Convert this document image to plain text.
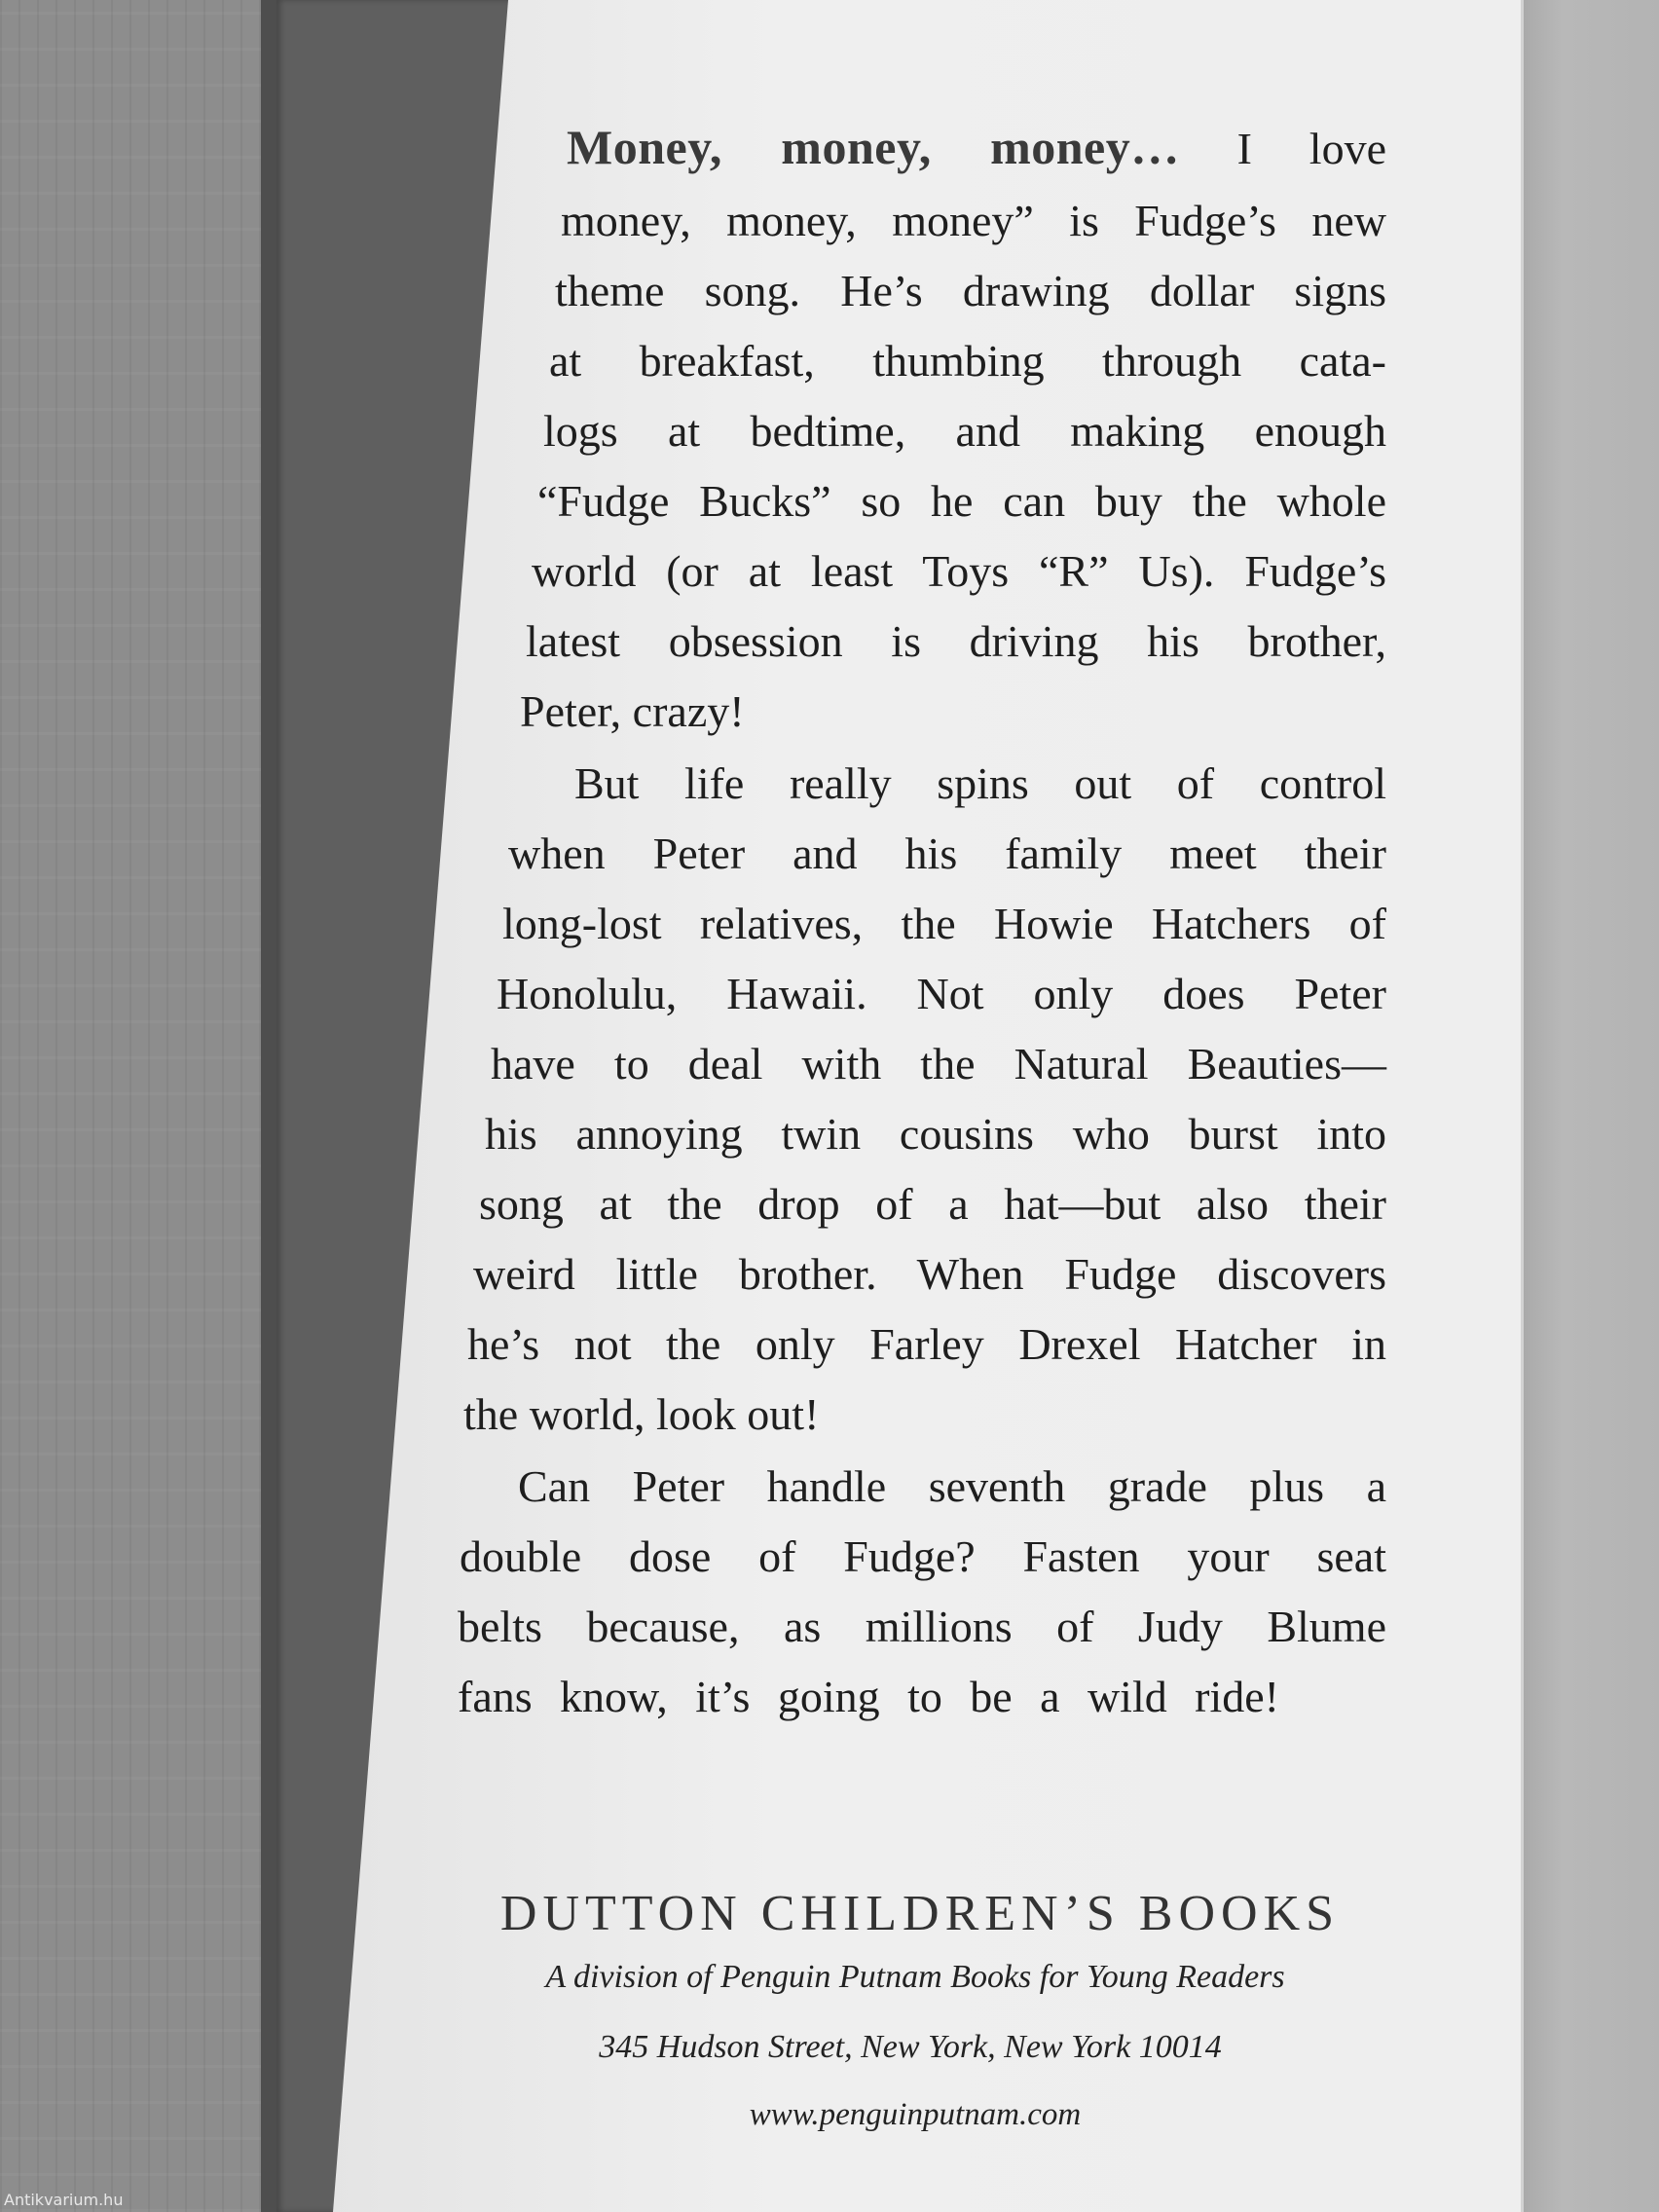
Money, money, money… I love
money, money, money” is Fudge’s new
theme song. He’s drawing dollar signs
at breakfast, thumbing through cata-
logs at bedtime, and making enough
“Fudge Bucks” so he can buy the whole
world (or at least Toys “R” Us). Fudge’s
latest obsession is driving his brother,
Peter, crazy!
But life really spins out of control
when Peter and his family meet their
long-lost relatives, the Howie Hatchers of
Honolulu, Hawaii. Not only does Peter
have to deal with the Natural Beauties—
his annoying twin cousins who burst into
song at the drop of a hat—but also their
weird little brother. When Fudge discovers
he’s not the only Farley Drexel Hatcher in
the world, look out!
Can Peter handle seventh grade plus a
double dose of Fudge? Fasten your seat
belts because, as millions of Judy Blume
fans know, it’s going to be a wild ride!
DUTTON CHILDREN’S BOOKS
A division of Penguin Putnam Books for Young Readers
345 Hudson Street, New York, New York 10014
www.penguinputnam.com
Antikvarium.hu
